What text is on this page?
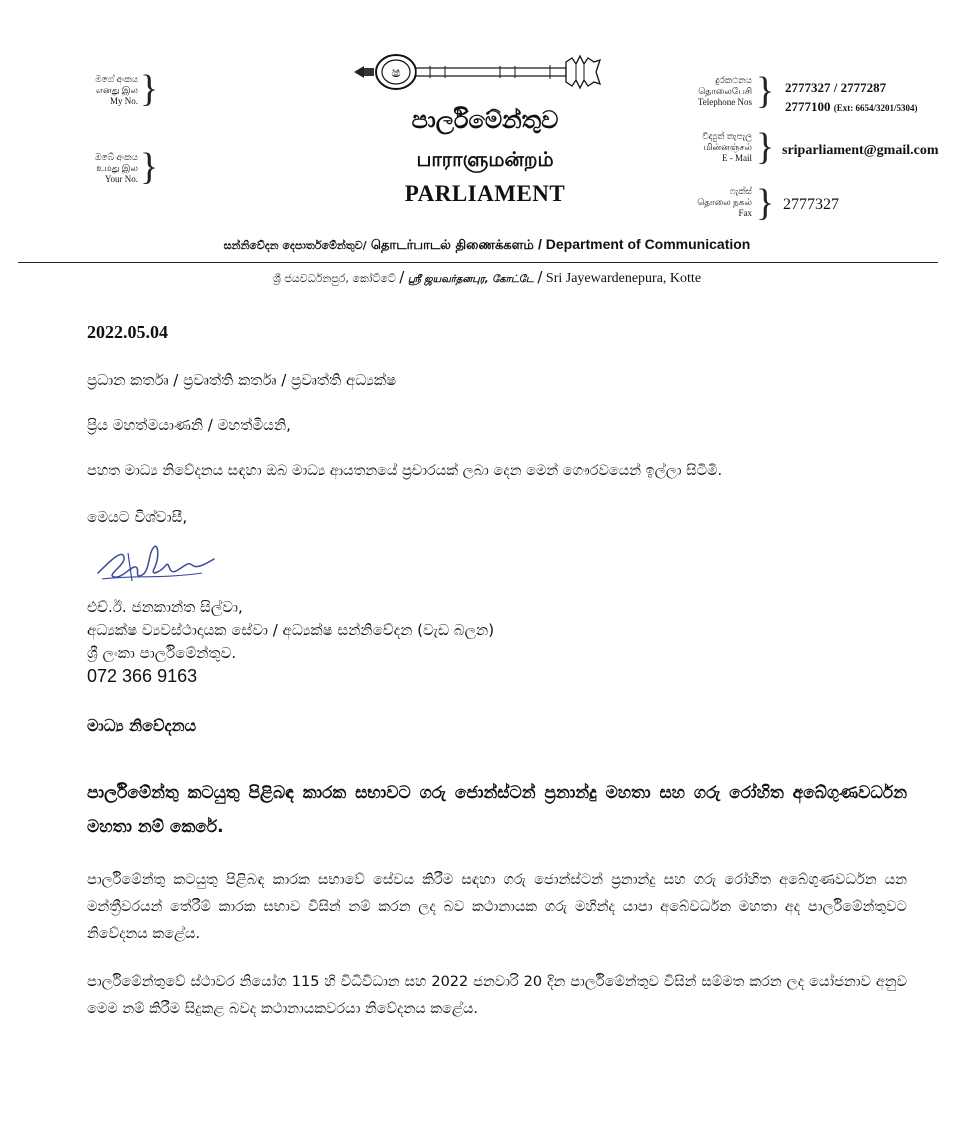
මගේ අංකය
எனது இல
My No. }
ඔබේ අංකය
உமது இல
Your No. }
ෂ
පාර්ලිමේන්තුව
பாராளுமன்றம்
PARLIAMENT
දුරකථනය
தொலைபேசி
Telephone Nos } 2777327 / 2777287
2777100 (Ext: 6654/3201/5304)
විද්‍යුත් තැපැල
மின்னஞ்சல்
E - Mail } sriparliament@gmail.com
ෆැක්ස්
தொலை நகல்
Fax } 2777327
සන්නිවේදන දෙපාර්තමේන්තුව/ தொடர்பாடல் திணைக்களம் / Department of Communication
ශ්‍රී ජයවර්ධනපුර, කෝට්ටේ / ஸ்ரீ ஜயவர்தனபுர, கோட்டே / Sri Jayewardenepura, Kotte
2022.05.04
ප්‍රධාන කර්තෘ / ප්‍රවෘත්ති කර්තෘ / ප්‍රවෘත්ති අධ්‍යක්ෂ
ප්‍රිය මහත්මයාණනි / මහත්මියනි,
පහත මාධ්‍ය නිවේදනය සඳහා ඔබ මාධ්‍ය ආයතනයේ ප්‍රචාරයක් ලබා දෙන මෙන් ගෞරවයෙන් ඉල්ලා සිටිමි.
මෙයට විශ්වාසී,
එච්.ඊ. ජනකාන්ත සිල්වා,
අධ්‍යක්ෂ ව්‍යවස්ථාදායක සේවා / අධ්‍යක්ෂ සන්නිවේදන (වැඩ බලන)
ශ්‍රී ලංකා පාර්ලිමේන්තුව.
072 366 9163
මාධ්‍ය නිවේදනය
පාර්ලිමේන්තු කටයුතු පිළිබඳ කාරක සභාවට ගරු ජොන්ස්ටන් ප්‍රනාන්දු මහතා සහ ගරු රෝහිත අබේගුණවර්ධන මහතා නම් කෙරේ.
පාර්ලිමේන්තු කටයුතු පිළිබඳ කාරක සභාවේ සේවය කිරීම සඳහා ගරු ජොන්ස්ටන් ප්‍රනාන්දු සහ ගරු රෝහිත අබේගුණවර්ධන යන මන්ත්‍රීවරයන් තේරීම් කාරක සභාව විසින් නම් කරන ලද බව කථානායක ගරු මහින්ද යාපා අබේවර්ධන මහතා අද පාර්ලිමේන්තුවට නිවේදනය කළේය.
පාර්ලිමේන්තුවේ ස්ථාවර නියෝග 115 හි විධිවිධාන සහ 2022 ජනවාරි 20 දින පාර්ලිමේන්තුව විසින් සම්මත කරන ලද යෝජනාව අනුව මෙම නම් කිරීම සිදුකළ බවද කථානායකවරයා නිවේදනය කළේය.
